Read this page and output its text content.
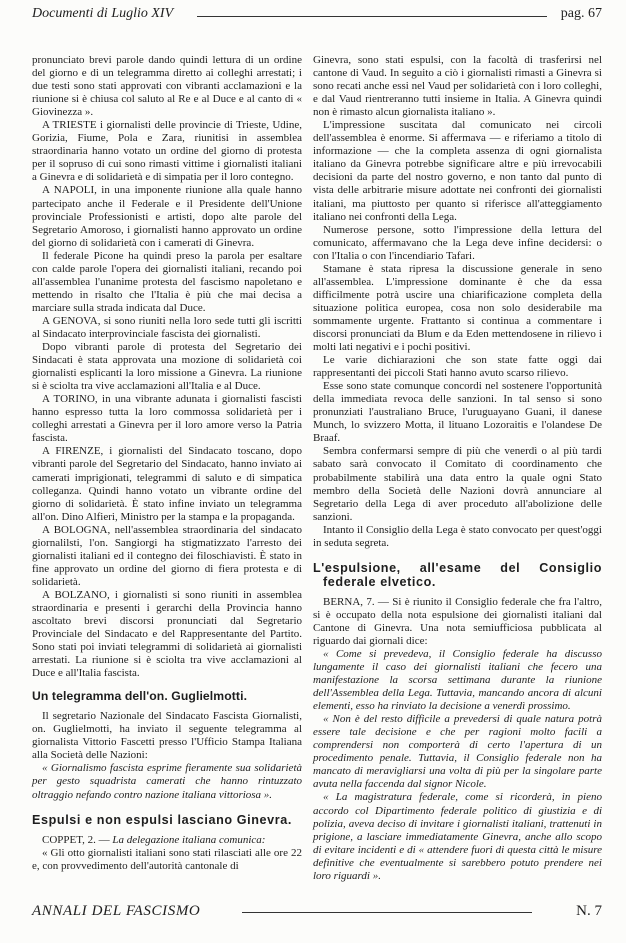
Documenti di Luglio XIV	pag. 67

pronunciato brevi parole dando quindi lettura di un ordine del giorno e di un telegramma diretto ai colleghi arrestati; i due testi sono stati approvati con vibranti acclamazioni e la riunione si è chiusa col saluto al Re e al Duce e al canto di « Giovinezza ».

A TRIESTE i giornalisti delle provincie di Trieste, Udine, Gorizia, Fiume, Pola e Zara, riunitisi in assemblea straordinaria hanno votato un ordine del giorno di protesta per il sopruso di cui sono rimasti vittime i giornalisti italiani a Ginevra e di solidarietà e di simpatia per il loro contegno.

A NAPOLI, in una imponente riunione alla quale hanno partecipato anche il Federale e il Presidente dell'Unione provinciale Professionisti e artisti, dopo alte parole del Segretario Amoroso, i giornalisti hanno approvato un ordine del giorno di solidarietà con i camerati di Ginevra.

Il federale Picone ha quindi preso la parola per esaltare con calde parole l'opera dei giornalisti italiani, recando poi all'assemblea l'unanime protesta del fascismo napoletano e mettendo in risalto che l'Italia è più che mai decisa a marciare sulla strada indicata dal Duce.

A GENOVA, si sono riuniti nella loro sede tutti gli iscritti al Sindacato interprovinciale fascista dei giornalisti.

Dopo vibranti parole di protesta del Segretario dei Sindacati è stata approvata una mozione di solidarietà coi giornalisti esplicanti la loro missione a Ginevra. La riunione si è sciolta tra vive acclamazioni all'Italia e al Duce.

A TORINO, in una vibrante adunata i giornalisti fascisti hanno espresso tutta la loro commossa solidarietà per i colleghi arrestati a Ginevra per il loro amore verso la Patria fascista.

A FIRENZE, i giornalisti del Sindacato toscano, dopo vibranti parole del Segretario del Sindacato, hanno inviato ai camerati imprigionati, telegrammi di saluto e di simpatica colleganza. Quindi hanno votato un vibrante ordine del giorno di solidarietà. È stato infine inviato un telegramma all'on. Dino Alfieri, Ministro per la stampa e la propaganda.

A BOLOGNA, nell'assemblea straordinaria del sindacato giornalilsti, l'on. Sangiorgi ha stigmatizzato l'arresto dei giornalisti italiani ed il contegno dei filoschiavisti. È stato in fine approvato un ordine del giorno di fiera protesta e di solidarietà.

A BOLZANO, i giornalisti si sono riuniti in assemblea straordinaria e presenti i gerarchi della Provincia hanno ascoltato brevi discorsi pronunciati dal Segretario Provinciale del Sindacato e del Rappresentante del Partito. Sono stati poi inviati telegrammi di solidarietà ai giornalisti arrestati. La riunione si è sciolta tra vive acclamazioni al Duce e all'Italia fascista.

Un telegramma dell'on. Guglielmotti.

Il segretario Nazionale del Sindacato Fascista Giornalisti, on. Guglielmotti, ha inviato il seguente telegramma al giornalista Vittorio Fascetti presso l'Ufficio Stampa Italiana alla Società delle Nazioni:

« Giornalismo fascista esprime fieramente sua solidarietà per gesto squadrista camerati che hanno rintuzzato oltraggio nefando contro nazione italiana vittoriosa ».

Espulsi e non espulsi lasciano Ginevra.

COPPET, 2. — La delegazione italiana comunica:

« Gli otto giornalisti italiani sono stati rilasciati alle ore 22 e, con provvedimento dell'autorità cantonale di

Ginevra, sono stati espulsi, con la facoltà di trasferirsi nel cantone di Vaud. In seguito a ciò i giornalisti rimasti a Ginevra si sono recati anche essi nel Vaud per solidarietà con i loro colleghi, e dal Vaud rientreranno tutti insieme in Italia. A Ginevra quindi non è rimasto alcun giornalista italiano ».

L'impressione suscitata dal comunicato nei circoli dell'assemblea è enorme. Si affermava — e riferiamo a titolo di informazione — che la completa assenza di ogni giornalista italiano da Ginevra potrebbe significare altre e più irrevocabili decisioni da parte del nostro governo, e non tanto dal punto di vista delle arbitrarie misure adottate nei confronti dei giornalisti italiani, ma piuttosto per quanto si riferisce all'atteggiamento italiano nei confronti della Lega.

Numerose persone, sotto l'impressione della lettura del comunicato, affermavano che la Lega deve infine decidersi: o con l'Italia o con l'incendiario Tafari.

Stamane è stata ripresa la discussione generale in seno all'assemblea. L'impressione dominante è che da essa difficilmente potrà uscire una chiarificazione completa della situazione politica europea, cosa non solo desiderabile ma sommamente urgente. Frattanto si continua a commentare i discorsi pronunciati da Blum e da Eden mettendosene in rilievo i molti lati negativi e i pochi positivi.

Le varie dichiarazioni che son state fatte oggi dai rappresentanti dei piccoli Stati hanno avuto scarso rilievo.

Esse sono state comunque concordi nel sostenere l'opportunità della immediata revoca delle sanzioni. In tal senso si sono pronunziati l'australiano Bruce, l'uruguayano Guani, il danese Munch, lo svizzero Motta, il lituano Lozoraitis e l'olandese De Braaf.

Sembra confermarsi sempre di più che venerdì o al più tardi sabato sarà convocato il Comitato di coordinamento che probabilmente stabilirà una data entro la quale ogni Stato membro della Società delle Nazioni dovrà annunciare al Segretario della Lega di aver proceduto all'abolizione delle sanzioni.

Intanto il Consiglio della Lega è stato convocato per quest'oggi in seduta segreta.

L'espulsione, all'esame del Consiglio federale elvetico.

BERNA, 7. — Si è riunito il Consiglio federale che fra l'altro, si è occupato della nota espulsione dei giornalisti italiani dal Cantone di Ginevra. Una nota semiufficiosa pubblicata al riguardo dai giornali dice:

« Come si prevedeva, il Consiglio federale ha discusso lungamente il caso dei giornalisti italiani che fecero una manifestazione la scorsa settimana durante la riunione dell'Assemblea della Lega. Tuttavia, mancando ancora di alcuni elementi, esso ha rinviato la decisione a venerdì prossimo.

« Non è del resto difficile a prevedersi di quale natura potrà essere tale decisione e che per ragioni molto facili a comprendersi non comporterà di certo l'apertura di un procedimento penale. Tuttavia, il Consiglio federale non ha mancato di meravigliarsi una volta di più per la singolare parte avuta nella faccenda dal signor Nicole.

« La magistratura federale, come si ricorderà, in pieno accordo col Dipartimento federale politico di giustizia e di polizia, aveva deciso di invitare i giornalisti italiani, trattenuti in prigione, a lasciare immediatamente Ginevra, anche allo scopo di evitare incidenti e di « attendere fuori di questa città le misure definitive che eventualmente si sarebbero potuto prendere nei loro riguardi ».

ANNALI DEL FASCISMO	N. 7
